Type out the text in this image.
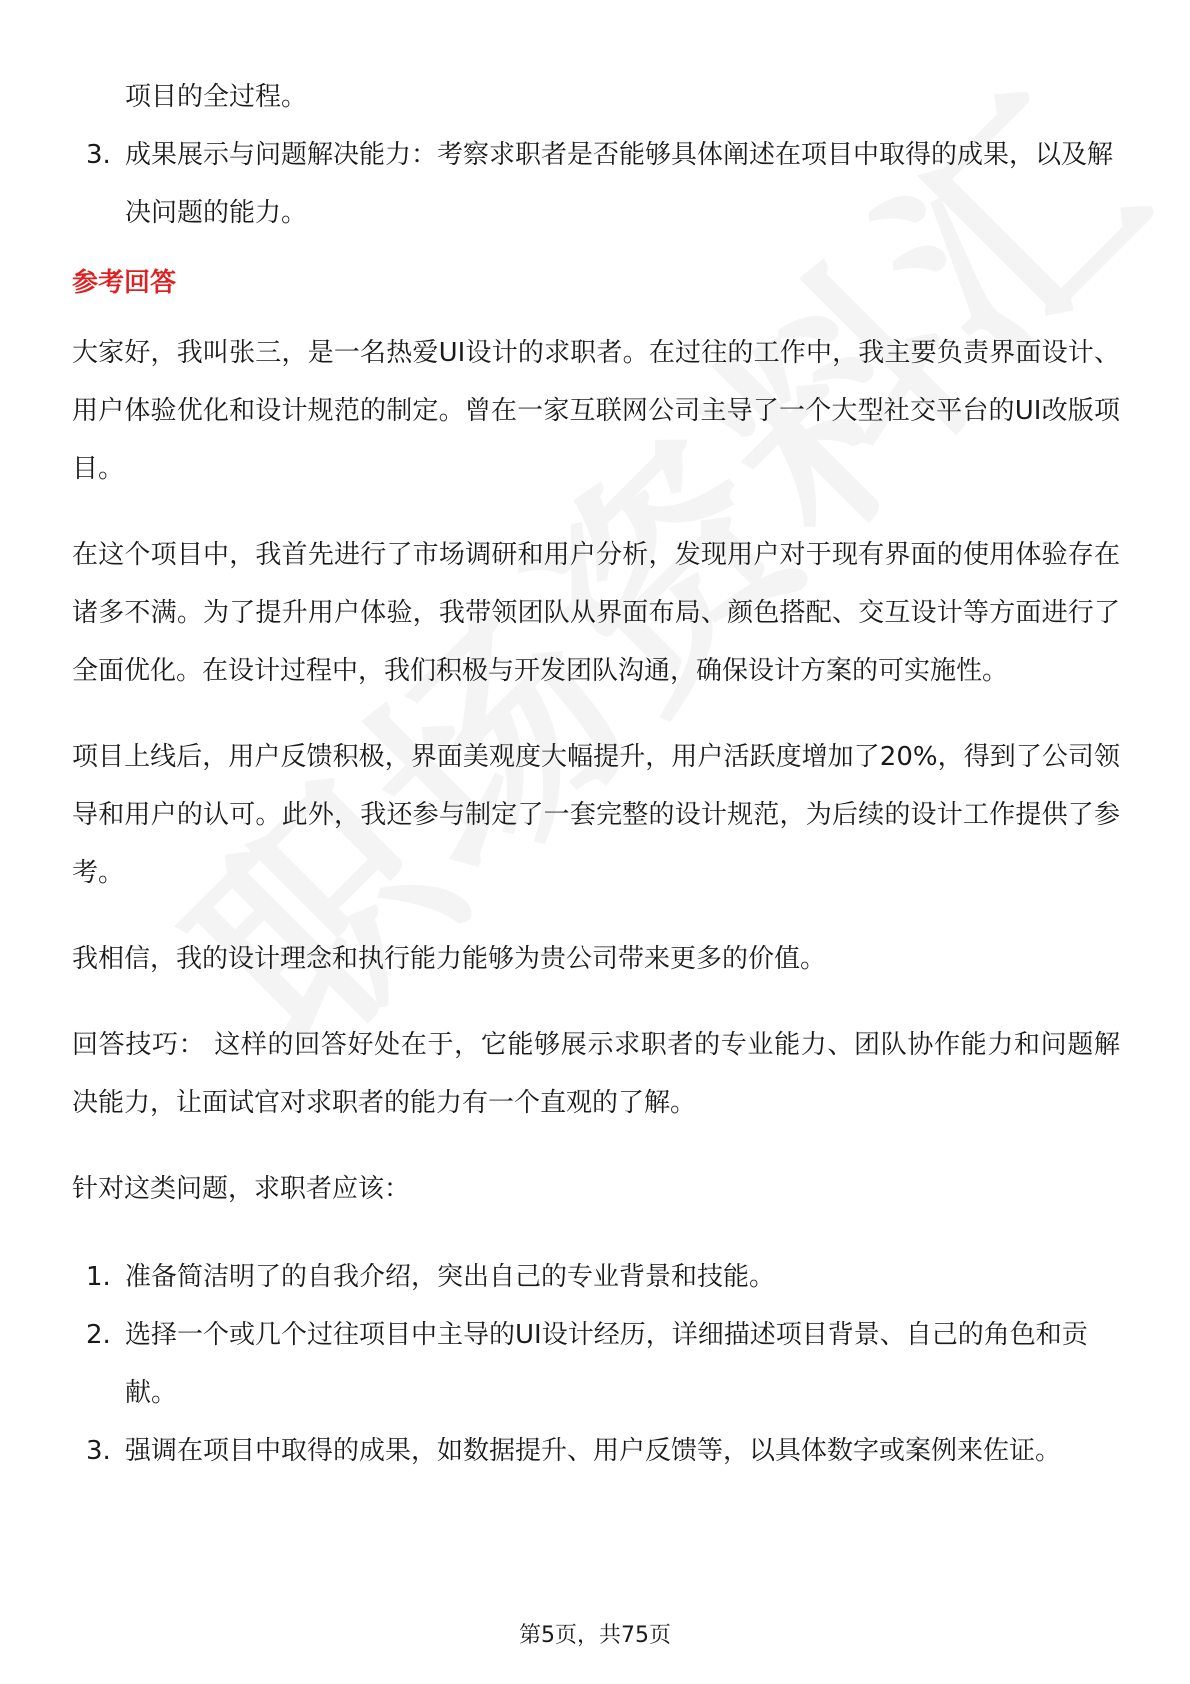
项目的全过程。
3. 成果展示与问题解决能力：考察求职者是否能够具体阐述在项目中取得的成果，以及解决问题的能力。
参考回答

大家好，我叫张三，是一名热爱UI设计的求职者。在过往的工作中，我主要负责界面设计、用户体验优化和设计规范的制定。曾在一家互联网公司主导了一个大型社交平台的UI改版项目。

在这个项目中，我首先进行了市场调研和用户分析，发现用户对于现有界面的使用体验存在诸多不满。为了提升用户体验，我带领团队从界面布局、颜色搭配、交互设计等方面进行了全面优化。在设计过程中，我们积极与开发团队沟通，确保设计方案的可实施性。

项目上线后，用户反馈积极，界面美观度大幅提升，用户活跃度增加了20%，得到了公司领导和用户的认可。此外，我还参与制定了一套完整的设计规范，为后续的设计工作提供了参考。

我相信，我的设计理念和执行能力能够为贵公司带来更多的价值。

回答技巧： 这样的回答好处在于，它能够展示求职者的专业能力、团队协作能力和问题解决能力，让面试官对求职者的能力有一个直观的了解。

针对这类问题，求职者应该：

1. 准备简洁明了的自我介绍，突出自己的专业背景和技能。
2. 选择一个或几个过往项目中主导的UI设计经历，详细描述项目背景、自己的角色和贡献。
3. 强调在项目中取得的成果，如数据提升、用户反馈等，以具体数字或案例来佐证。
第5页，共75页
